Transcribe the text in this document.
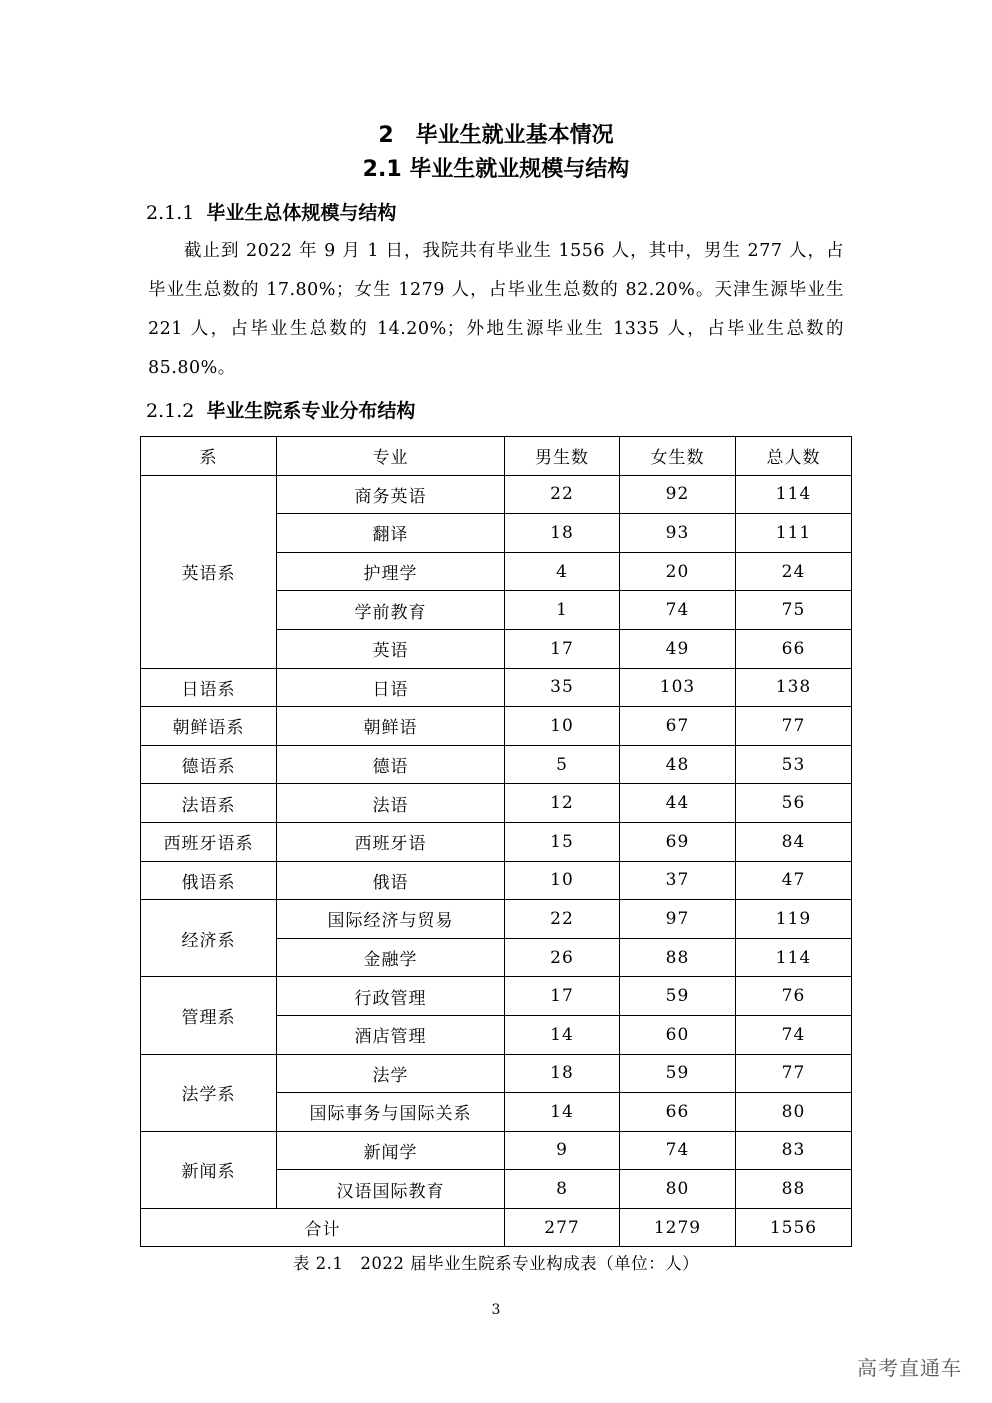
2　毕业生就业基本情况
2.1 毕业生就业规模与结构
2.1.1 毕业生总体规模与结构
截止到 2022 年 9 月 1 日，我院共有毕业生 1556 人，其中，男生 277 人，占毕业生总数的 17.80%；女生 1279 人，占毕业生总数的 82.20%。天津生源毕业生 221 人，占毕业生总数的 14.20%；外地生源毕业生 1335 人，占毕业生总数的 85.80%。
2.1.2 毕业生院系专业分布结构
系	专业	男生数	女生数	总人数
英语系	商务英语	22	92	114
	翻译	18	93	111
	护理学	4	20	24
	学前教育	1	74	75
	英语	17	49	66
日语系	日语	35	103	138
朝鲜语系	朝鲜语	10	67	77
德语系	德语	5	48	53
法语系	法语	12	44	56
西班牙语系	西班牙语	15	69	84
俄语系	俄语	10	37	47
经济系	国际经济与贸易	22	97	119
	金融学	26	88	114
管理系	行政管理	17	59	76
	酒店管理	14	60	74
法学系	法学	18	59	77
	国际事务与国际关系	14	66	80
新闻系	新闻学	9	74	83
	汉语国际教育	8	80	88
合计		277	1279	1556
表 2.1　2022 届毕业生院系专业构成表（单位：人）
3
高考直通车
